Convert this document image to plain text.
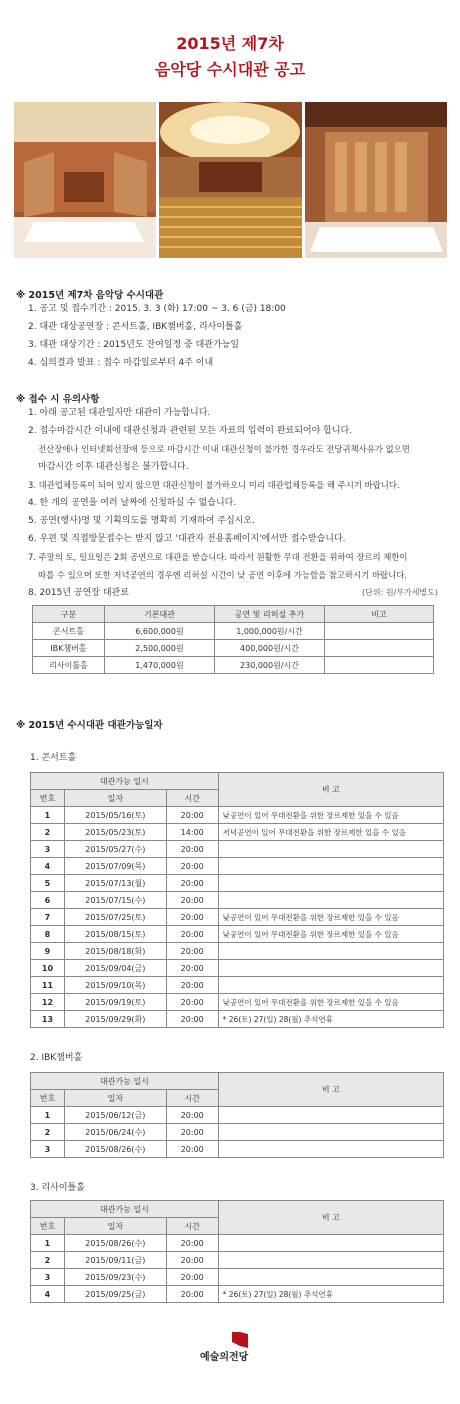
2015년 제7차
음악당 수시대관 공고
※ 2015년 제7차 음악당 수시대관
1. 공고 및 접수기간 : 2015. 3. 3 (화) 17:00 ~ 3. 6 (금) 18:00
2. 대관 대상공연장 : 콘서트홀, IBK챔버홀, 리사이틀홀
3. 대관 대상기간 : 2015년도 잔여일정 중 대관가능일
4. 심의결과 발표 : 접수 마감일로부터 4주 이내
※ 접수 시 유의사항
1. 아래 공고된 대관일자만 대관이 가능합니다.
2. 접수마감시간 이내에 대관신청과 관련된 모든 자료의 입력이 완료되어야 합니다.
전산장애나 인터넷회선장애 등으로 마감시간 이내 대관신청이 불가한 경우라도 전당귀책사유가 없으면
마감시간 이후 대관신청은 불가합니다.
3. 대관업체등록이 되어 있지 않으면 대관신청이 불가하오니 미리 대관업체등록을 해 주시기 바랍니다.
4. 한 개의 공연을 여러 날짜에 신청하실 수 없습니다.
5. 공연(행사)명 및 기획의도를 명확히 기재하여 주십시오.
6. 우편 및 직접방문접수는 받지 않고 '대관자 전용홈페이지'에서만 접수받습니다.
7. 주말의 토, 일요일은 2회 공연으로 대관을 받습니다. 따라서 원활한 무대 전환을 위하여 장르의 제한이
따를 수 있으며 또한 저녁공연의 경우엔 리허설 시간이 낮 공연 이후에 가능함을 참고하시기 바랍니다.
8. 2015년 공연장 대관료	(단위: 원/부가세별도)
구분	기본대관	공연 및 리허설 추가	비고
콘서트홀	6,600,000원	1,000,000원/시간	
IBK챔버홀	2,500,000원	400,000원/시간	
리사이틀홀	1,470,000원	230,000원/시간	
※ 2015년 수시대관 대관가능일자
1. 콘서트홀
대관가능 일시			비 고
번호	일자	시간	
1	2015/05/16(토)	20:00	낮공연이 있어 무대전환을 위한 장르제한 있을 수 있음
2	2015/05/23(토)	14:00	저녁공연이 있어 무대전환을 위한 장르제한 있을 수 있음
3	2015/05/27(수)	20:00	
4	2015/07/09(목)	20:00	
5	2015/07/13(월)	20:00	
6	2015/07/15(수)	20:00	
7	2015/07/25(토)	20:00	낮공연이 있어 무대전환을 위한 장르제한 있을 수 있음
8	2015/08/15(토)	20:00	낮공연이 있어 무대전환을 위한 장르제한 있을 수 있음
9	2015/08/18(화)	20:00	
10	2015/09/04(금)	20:00	
11	2015/09/10(목)	20:00	
12	2015/09/19(토)	20:00	낮공연이 있어 무대전환을 위한 장르제한 있을 수 있음
13	2015/09/29(화)	20:00	* 26(토) 27(일) 28(월) 추석연휴
2. IBK챔버홀
대관가능 일시			비 고
번호	일자	시간	
1	2015/06/12(금)	20:00	
2	2015/06/24(수)	20:00	
3	2015/08/26(수)	20:00	
3. 리사이틀홀
대관가능 일시			비 고
번호	일자	시간	
1	2015/08/26(수)	20:00	
2	2015/09/11(금)	20:00	
3	2015/09/23(수)	20:00	
4	2015/09/25(금)	20:00	* 26(토) 27(일) 28(월) 추석연휴
예술의전당
